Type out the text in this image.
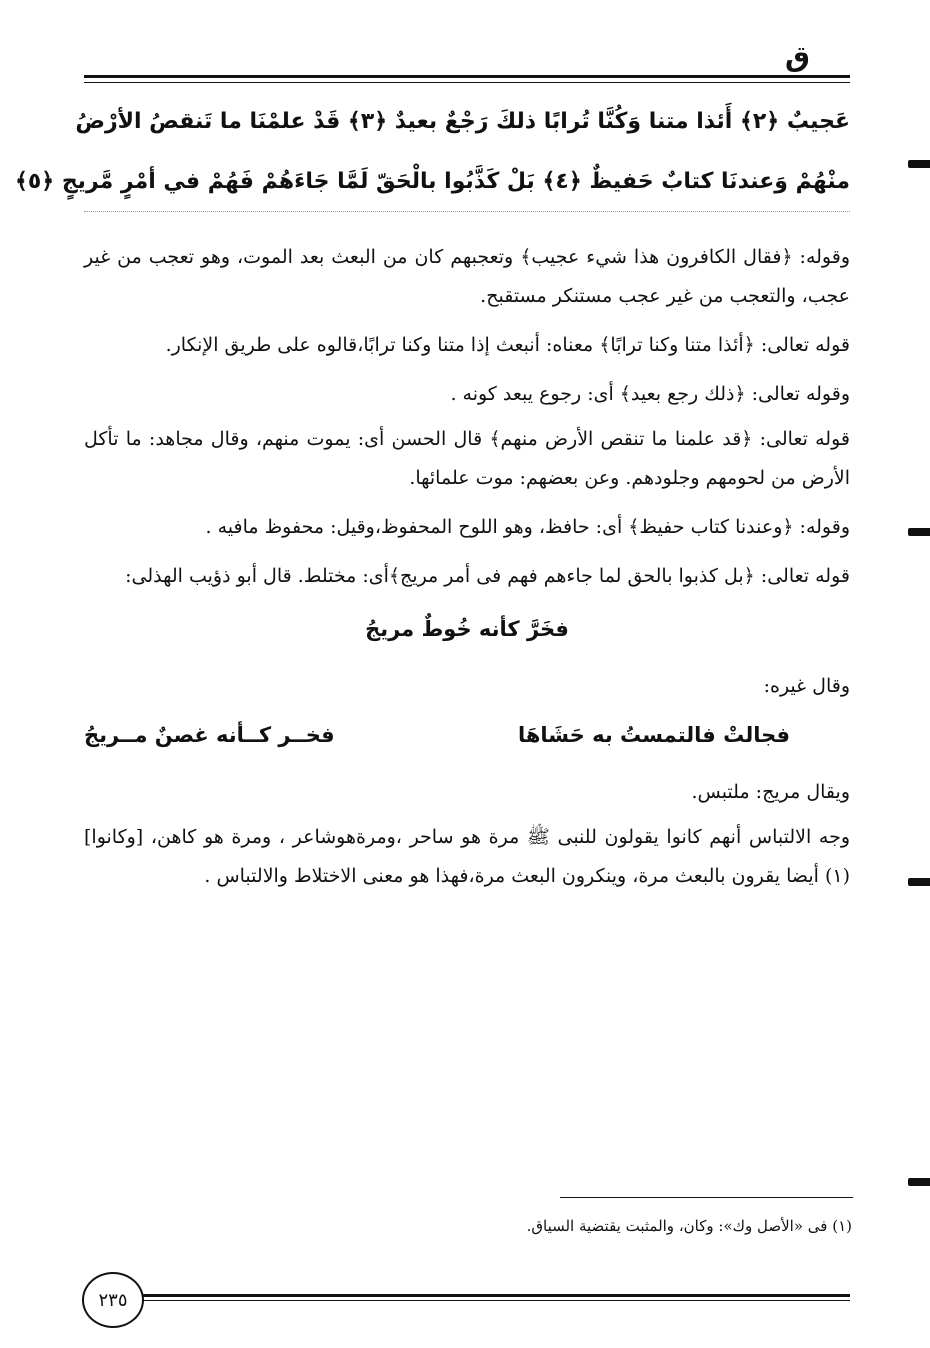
ق
عَجيبٌ ﴿٢﴾ أَئذا متنا وَكُنَّا تُرابًا ذلكَ رَجْعٌ بعيدٌ ﴿٣﴾ قَدْ علمْنَا ما تَنقصُ الأرْضُ
منْهُمْ وَعندنَا كتابٌ حَفيظٌ ﴿٤﴾ بَلْ كَذَّبُوا بالْحَقّ لَمَّا جَاءَهُمْ فَهُمْ في أمْرٍ مَّريجٍ ﴿٥﴾

وقوله: ﴿فقال الكافرون هذا شيء عجيب﴾ وتعجبهم كان من البعث بعد الموت، وهو تعجب من غير عجب، والتعجب من غير عجب مستنكر مستقبح.

قوله تعالى: ﴿أئذا متنا وكنا ترابًا﴾ معناه: أنبعث إذا متنا وكنا ترابًا،قالوه على طريق الإنكار.

وقوله تعالى: ﴿ذلك رجع بعيد﴾ أى: رجوع يبعد كونه .

قوله تعالى: ﴿قد علمنا ما تنقص الأرض منهم﴾ قال الحسن أى: يموت منهم، وقال مجاهد: ما تأكل الأرض من لحومهم وجلودهم. وعن بعضهم: موت علمائها.

وقوله: ﴿وعندنا كتاب حفيظ﴾ أى: حافظ، وهو اللوح المحفوظ،وقيل: محفوظ مافيه .

قوله تعالى: ﴿بل كذبوا بالحق لما جاءهم فهم فى أمر مريج﴾أى: مختلط. قال أبو ذؤيب الهذلى:

فخَرَّ كأنه خُوطٌ مريجُ

وقال غيره:

فجالتْ فالتمستُ به حَشَاهَا
فخــر كــأنه غصنٌ مــريجُ

ويقال مريج: ملتبس.

وجه الالتباس أنهم كانوا يقولون للنبى ﷺ مرة هو ساحر ،ومرةهوشاعر ، ومرة هو كاهن، [وكانوا](١) أيضا يقرون بالبعث مرة، وينكرون البعث مرة،فهذا هو معنى الاختلاط والالتباس .

(١) فى «الأصل وك»: وكان، والمثبت يقتضية السياق.
٢٣٥
